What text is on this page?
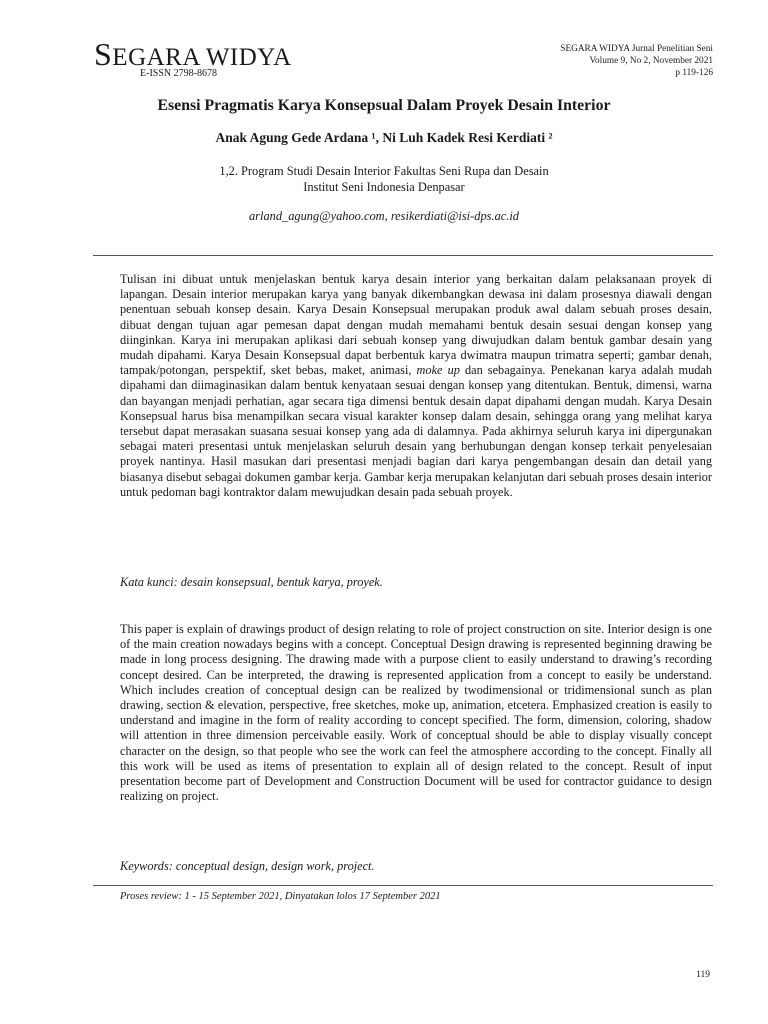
SEGARA WIDYA
E-ISSN 2798-8678
SEGARA WIDYA Jurnal Penelitian Seni
Volume 9, No 2, November 2021
p 119-126
Esensi Pragmatis Karya Konsepsual Dalam Proyek Desain Interior
Anak Agung Gede Ardana ¹, Ni Luh Kadek Resi Kerdiati ²
1,2. Program Studi Desain Interior Fakultas Seni Rupa dan Desain
Institut Seni Indonesia Denpasar
arland_agung@yahoo.com, resikerdiati@isi-dps.ac.id

Tulisan ini dibuat untuk menjelaskan bentuk karya desain interior yang berkaitan dalam pelaksanaan proyek di lapangan. Desain interior merupakan karya yang banyak dikembangkan dewasa ini dalam prosesnya diawali dengan penentuan sebuah konsep desain. Karya Desain Konsepsual merupakan produk awal dalam sebuah proses desain, dibuat dengan tujuan agar pemesan dapat dengan mudah memahami bentuk desain sesuai dengan konsep yang diinginkan. Karya ini merupakan aplikasi dari sebuah konsep yang diwujudkan dalam bentuk gambar desain yang mudah dipahami. Karya Desain Konsepsual dapat berbentuk karya dwimatra maupun trimatra seperti; gambar denah, tampak/potongan, perspektif, sket bebas, maket, animasi, moke up dan sebagainya. Penekanan karya adalah mudah dipahami dan diimaginasikan dalam bentuk kenyataan sesuai dengan konsep yang ditentukan. Bentuk, dimensi, warna dan bayangan menjadi perhatian, agar secara tiga dimensi bentuk desain dapat dipahami dengan mudah. Karya Desain Konsepsual harus bisa menampilkan secara visual karakter konsep dalam desain, sehingga orang yang melihat karya tersebut dapat merasakan suasana sesuai konsep yang ada di dalamnya. Pada akhirnya seluruh karya ini dipergunakan sebagai materi presentasi untuk menjelaskan seluruh desain yang berhubungan dengan konsep terkait penyelesaian proyek nantinya. Hasil masukan dari presentasi menjadi bagian dari karya pengembangan desain dan detail yang biasanya disebut sebagai dokumen gambar kerja. Gambar kerja merupakan kelanjutan dari sebuah proses desain interior untuk pedoman bagi kontraktor dalam mewujudkan desain pada sebuah proyek.

Kata kunci: desain konsepsual, bentuk karya, proyek.

This paper is explain of drawings product of design relating to role of project construction on site. Interior design is one of the main creation nowadays begins with a concept. Conceptual Design drawing is represented beginning drawing be made in long process designing. The drawing made with a purpose client to easily understand to drawing’s recording concept desired. Can be interpreted, the drawing is represented application from a concept to easily be understand. Which includes creation of conceptual design can be realized by twodimensional or tridimensional sunch as plan drawing, section & elevation, perspective, free sketches, moke up, animation, etcetera. Emphasized creation is easily to understand and imagine in the form of reality according to concept specified. The form, dimension, coloring, shadow will attention in three dimension perceivable easily. Work of conceptual should be able to display visually concept character on the design, so that people who see the work can feel the atmosphere according to the concept. Finally all this work will be used as items of presentation to explain all of design related to the concept. Result of input presentation become part of Development and Construction Document will be used for contractor guidance to design realizing on project.

Keywords: conceptual design, design work, project.
Proses review: 1 - 15 September 2021, Dinyatakan lolos 17 September 2021
119
